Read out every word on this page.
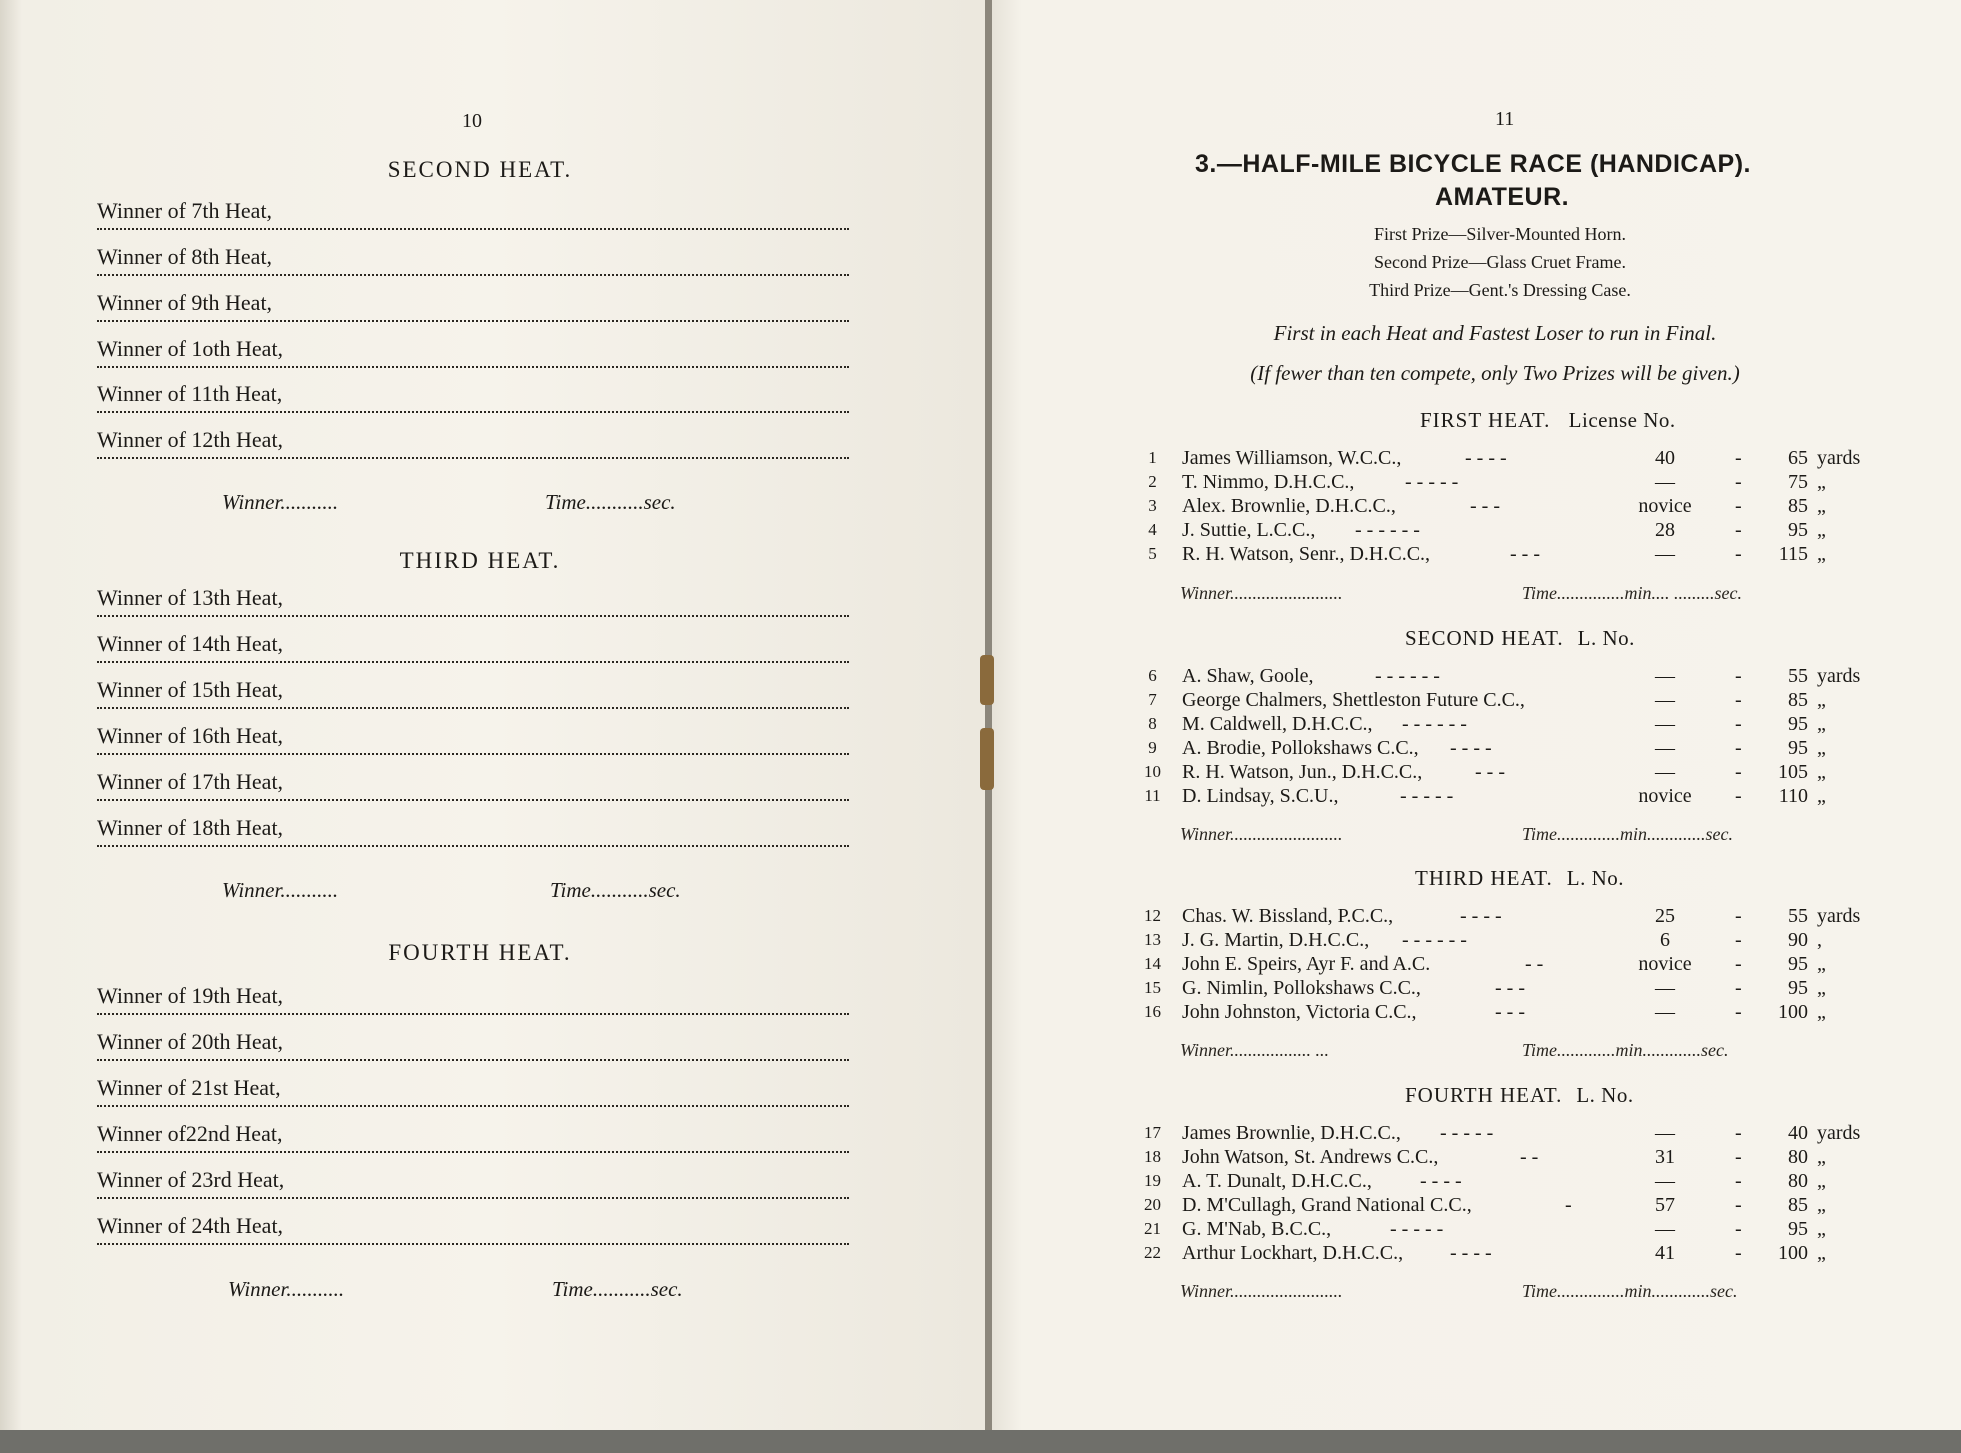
10
SECOND HEAT.
Winner of 7th Heat,
Winner of 8th Heat,
Winner of 9th Heat,
Winner of 1oth Heat,
Winner of 11th Heat,
Winner of 12th Heat,
Winner...........	Time...........sec.
THIRD HEAT.
Winner of 13th Heat,
Winner of 14th Heat,
Winner of 15th Heat,
Winner of 16th Heat,
Winner of 17th Heat,
Winner of 18th Heat,
Winner...........	Time...........sec.
FOURTH HEAT.
Winner of 19th Heat,
Winner of 20th Heat,
Winner of 21st Heat,
Winner of22nd Heat,
Winner of 23rd Heat,
Winner of 24th Heat,
Winner...........	Time...........sec.
11
3.—HALF-MILE BICYCLE RACE (HANDICAP).
AMATEUR.
First Prize—Silver-Mounted Horn.
Second Prize—Glass Cruet Frame.
Third Prize—Gent.'s Dressing Case.
First in each Heat and Fastest Loser to run in Final.
(If fewer than ten compete, only Two Prizes will be given.)
FIRST HEAT. License No.
1	James Williamson, W.C.C.,	- - - -	40	-	65 yards
2	T. Nimmo, D.H.C.C.,	- - - - -	—	-	75 „
3	Alex. Brownlie, D.H.C.C.,	- - -	novice	-	85 „
4	J. Suttie, L.C.C., - - - - - -	28	-	95 „
5	R. H. Watson, Senr., D.H.C.C.,	- - -	—	-	115 „
Winner.........................	Time...............min.... .........sec.
SECOND HEAT. L. No.
6	A. Shaw, Goole,	- - - - - -	—	-	55 yards
7	George Chalmers, Shettleston Future C.C.,	—	-	85 „
8	M. Caldwell, D.H.C.C., - - - - - -	—	-	95 „
9	A. Brodie, Pollokshaws C.C., - - - -	—	-	95 „
10 R. H. Watson, Jun., D.H.C.C.,	- - -	—	-	105 „
11 D. Lindsay, S.C.U.,	- - - - -	novice	-	110 „
Winner.........................	Time..............min.............sec.
THIRD HEAT. L. No.
12 Chas. W. Bissland, P.C.C.,	- - - -	25	-	55 yards
13 J. G. Martin, D.H.C.C., - - - - - -	6	-	90 ,
14 John E. Speirs, Ayr F. and A.C.	- -	novice	-	95 „
15 G. Nimlin, Pollokshaws C.C.,	- - -	—	-	95 „
16 John Johnston, Victoria C.C.,	- - -	—	-	100 „
Winner.................. ...	Time.............min.............sec.
FOURTH HEAT. L. No.
17 James Brownlie, D.H.C.C., - - - - -	—	-	40 yards
18 John Watson, St. Andrews C.C.,	- -	31	-	80 „
19 A. T. Dunalt, D.H.C.C., - - - -	—	-	80 „
20 D. M'Cullagh, Grand National C.C.,	-	57	-	85 „
21 G. M'Nab, B.C.C.,	- - - - -	—	-	95 „
22 Arthur Lockhart, D.H.C.C., - - - -	41	-	100 „
Winner.........................	Time...............min.............sec.
